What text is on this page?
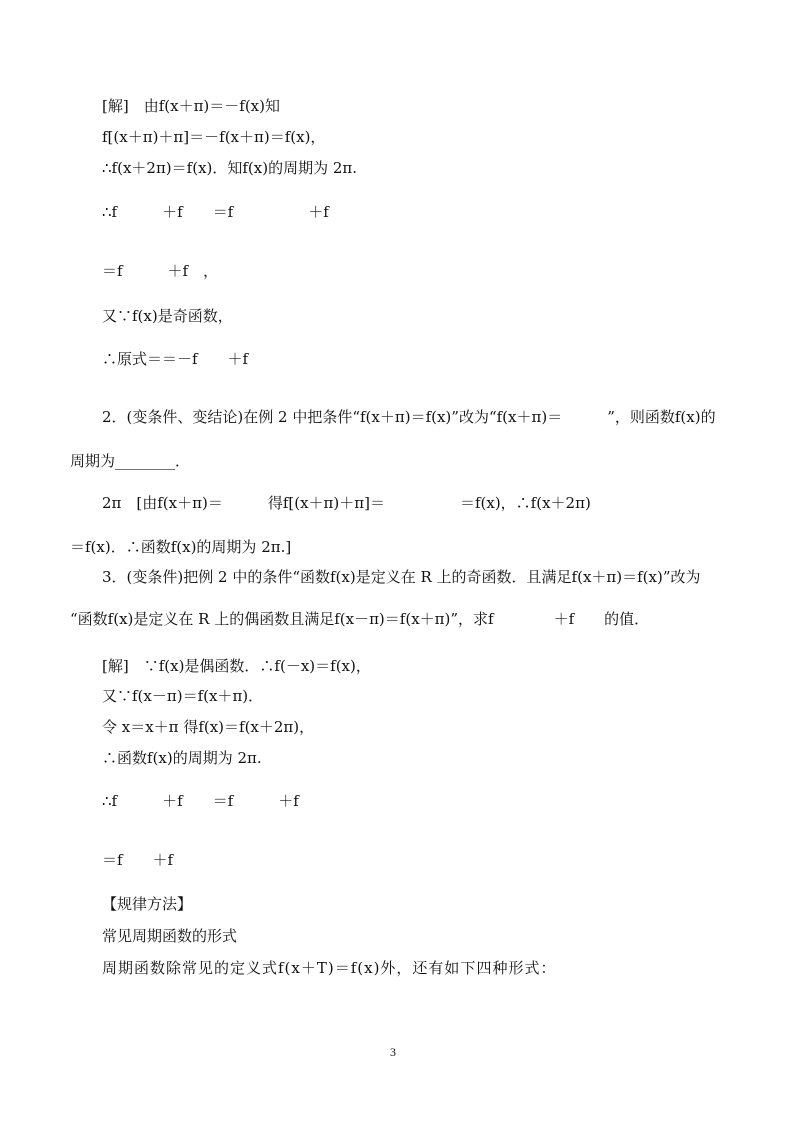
[解]　由f(x＋π)＝－f(x)知
f[(x＋π)＋π]＝－f(x＋π)＝f(x)，
∴f(x＋2π)＝f(x)．知f(x)的周期为 2π.
∴f　　　＋f　　＝f　　　　　＋f
＝f　　　＋f　，
又∵f(x)是奇函数，
∴原式＝＝－f　　＋f
2．(变条件、变结论)在例 2 中把条件“f(x＋π)＝f(x)”改为“f(x＋π)＝　　　”，则函数f(x)的
周期为________．
2π　[由f(x＋π)＝　　　得f[(x＋π)＋π]＝　　　　　＝f(x)，∴f(x＋2π)
＝f(x)．∴函数f(x)的周期为 2π.]
3．(变条件)把例 2 中的条件“函数f(x)是定义在 R 上的奇函数．且满足f(x＋π)＝f(x)”改为
“函数f(x)是定义在 R 上的偶函数且满足f(x－π)＝f(x＋π)”，求f　　　　＋f　　的值．
[解]　∵f(x)是偶函数．∴f(－x)＝f(x)，
又∵f(x－π)＝f(x＋π)．
令 x＝x＋π 得f(x)＝f(x＋2π)，
∴函数f(x)的周期为 2π.
∴f　　　＋f　　＝f　　　＋f
＝f　　＋f
【规律方法】
常见周期函数的形式
周期函数除常见的定义式f(x＋T)＝f(x)外，还有如下四种形式：
3
